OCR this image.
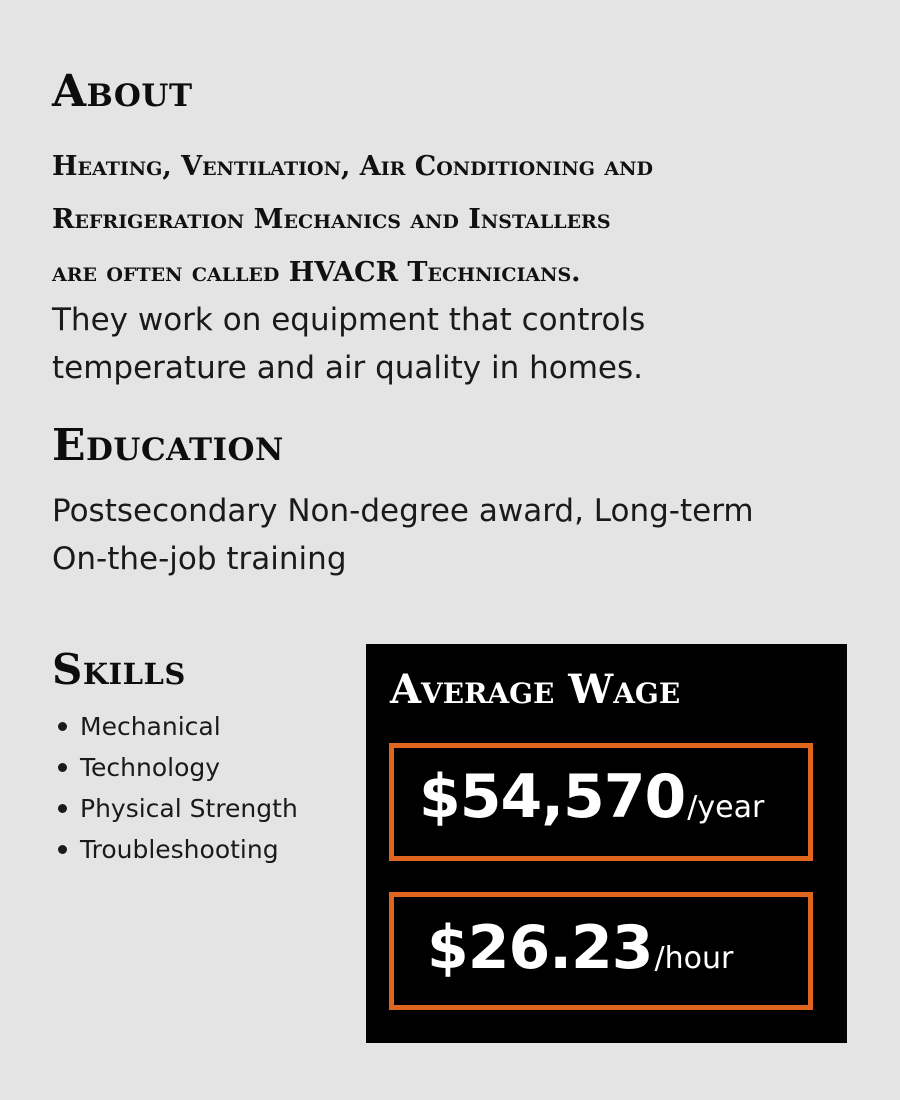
About

Heating, Ventilation, Air Conditioning and
Refrigeration Mechanics and Installers
are often called HVACR Technicians.

They work on equipment that controls
temperature and air quality in homes.

Education

Postsecondary Non-degree award, Long-term
On-the-job training

Skills
Mechanical
Technology
Physical Strength
Troubleshooting
Average Wage
$54,570/year
$26.23/hour
